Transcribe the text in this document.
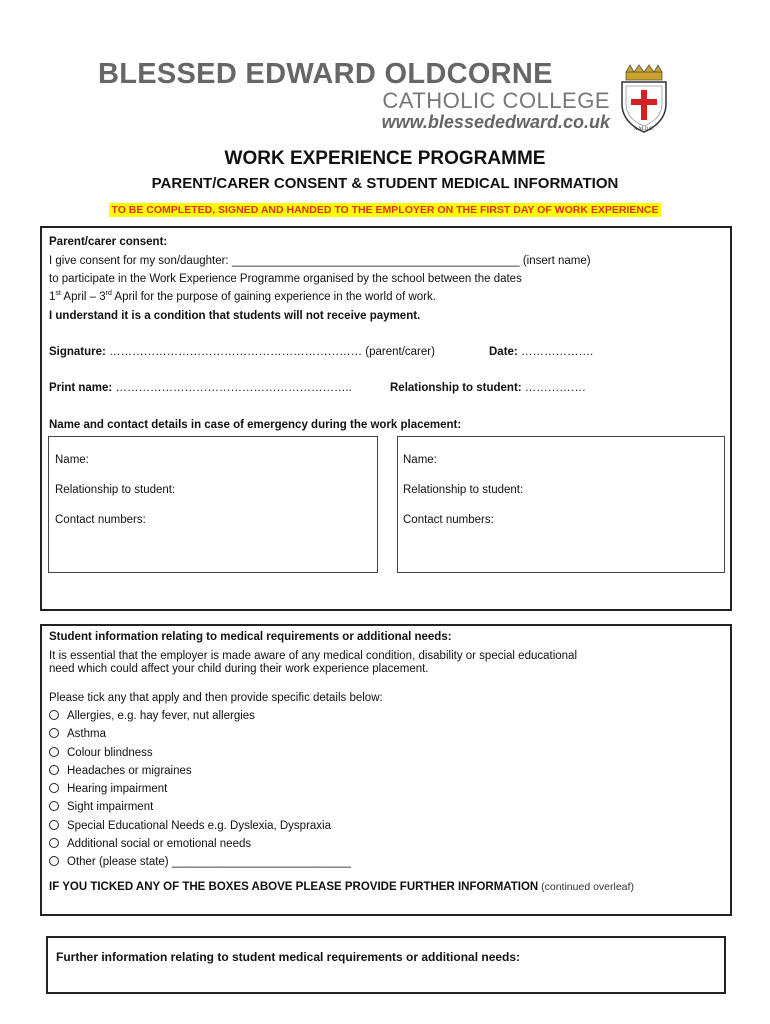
BLESSED EDWARD OLDCORNE
CATHOLIC COLLEGE
www.blessededward.co.uk	A.M.D.G.
WORK EXPERIENCE PROGRAMME
PARENT/CARER CONSENT & STUDENT MEDICAL INFORMATION
TO BE COMPLETED, SIGNED AND HANDED TO THE EMPLOYER ON THE FIRST DAY OF WORK EXPERIENCE
Parent/carer consent:
I give consent for my son/daughter: _____________________________________________ (insert name)
to participate in the Work Experience Programme organised by the school between the dates
1st April – 3rd April for the purpose of gaining experience in the world of work.
I understand it is a condition that students will not receive payment.
Signature: ………………………………………………………… (parent/carer)	Date: ……………….
Print name: ……………………………………………………..	Relationship to student: …………….
Name and contact details in case of emergency during the work placement:
Name:
Relationship to student:
Contact numbers:
Name:
Relationship to student:
Contact numbers:
Student information relating to medical requirements or additional needs:
It is essential that the employer is made aware of any medical condition, disability or special educational
need which could affect your child during their work experience placement.
Please tick any that apply and then provide specific details below:
Allergies, e.g. hay fever, nut allergies
Asthma
Colour blindness
Headaches or migraines
Hearing impairment
Sight impairment
Special Educational Needs e.g. Dyslexia, Dyspraxia
Additional social or emotional needs
Other (please state) ____________________________
IF YOU TICKED ANY OF THE BOXES ABOVE PLEASE PROVIDE FURTHER INFORMATION (continued overleaf)
Further information relating to student medical requirements or additional needs:
